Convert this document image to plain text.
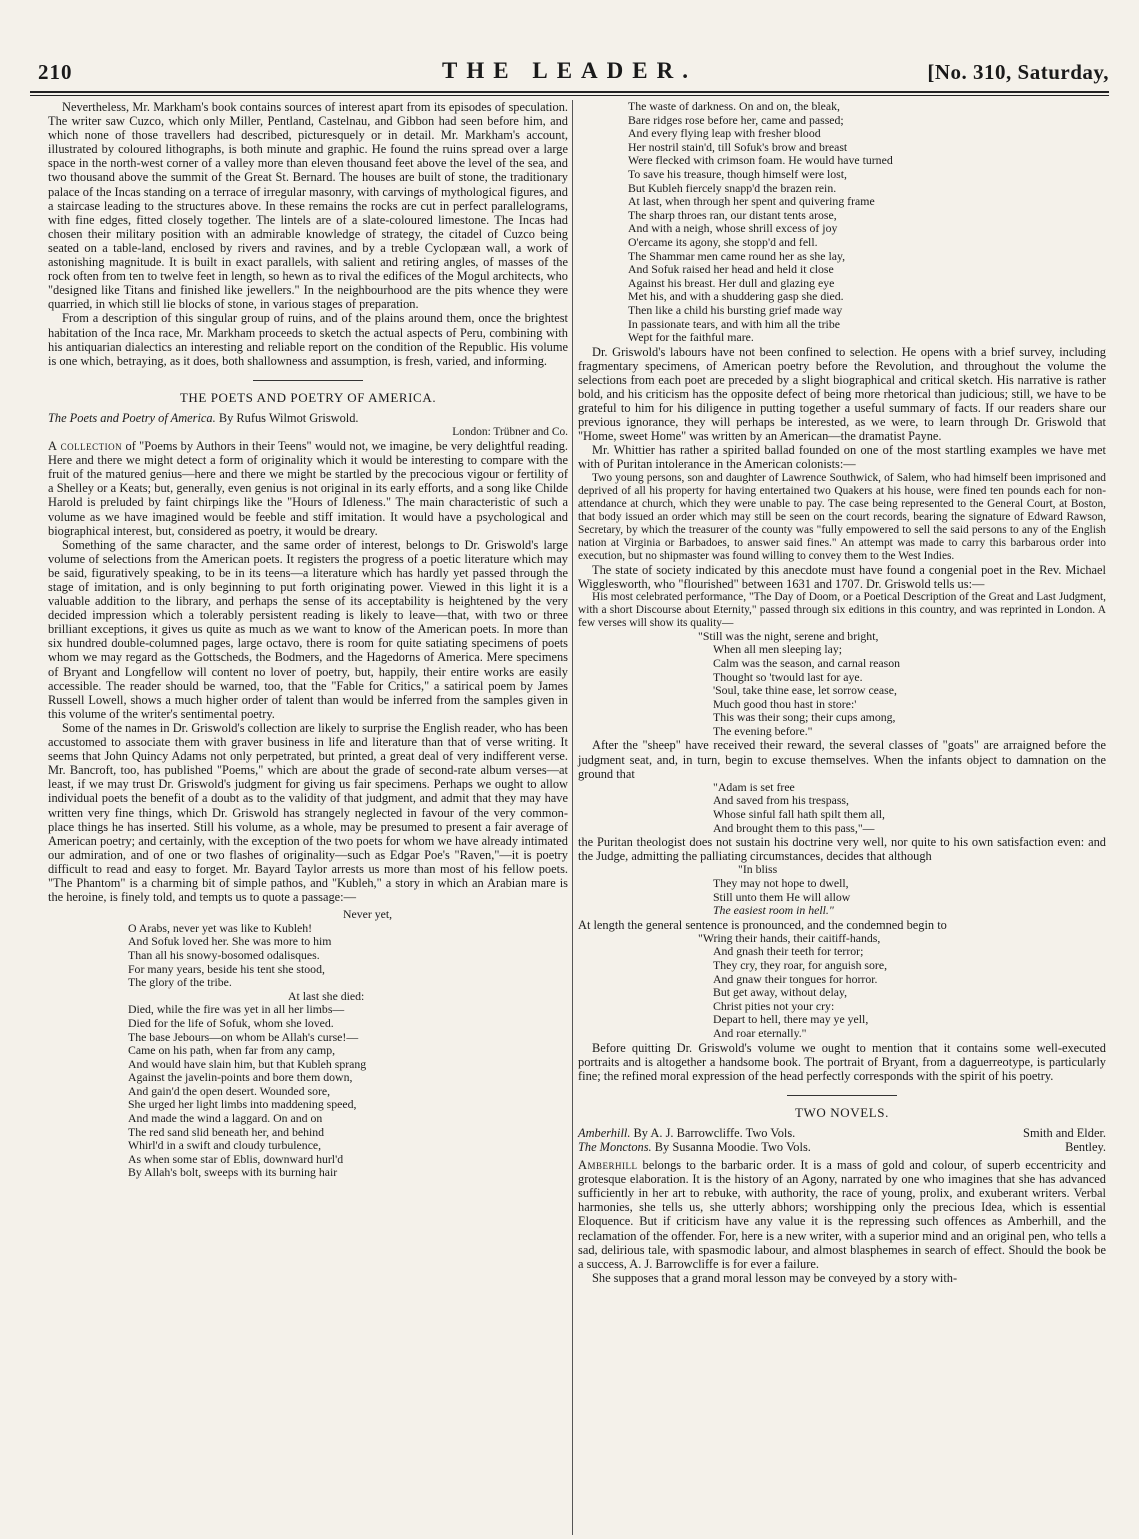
210	THE LEADER.	[No. 310, Saturday,

Nevertheless, Mr. Markham's book contains sources of interest apart from its episodes of speculation. The writer saw Cuzco, which only Miller, Pentland, Castelnau, and Gibbon had seen before him, and which none of those travellers had described, picturesquely or in detail. Mr. Markham's account, illustrated by coloured lithographs, is both minute and graphic. He found the ruins spread over a large space in the north-west corner of a valley more than eleven thousand feet above the level of the sea, and two thousand above the summit of the Great St. Bernard. The houses are built of stone, the traditionary palace of the Incas standing on a terrace of irregular masonry, with carvings of mythological figures, and a staircase leading to the structures above. In these remains the rocks are cut in perfect parallelograms, with fine edges, fitted closely together. The lintels are of a slate-coloured limestone. The Incas had chosen their military position with an admirable knowledge of strategy, the citadel of Cuzco being seated on a table-land, enclosed by rivers and ravines, and by a treble Cyclopæan wall, a work of astonishing magnitude. It is built in exact parallels, with salient and retiring angles, of masses of the rock often from ten to twelve feet in length, so hewn as to rival the edifices of the Mogul architects, who "designed like Titans and finished like jewellers." In the neighbourhood are the pits whence they were quarried, in which still lie blocks of stone, in various stages of preparation.

From a description of this singular group of ruins, and of the plains around them, once the brightest habitation of the Inca race, Mr. Markham proceeds to sketch the actual aspects of Peru, combining with his antiquarian dialectics an interesting and reliable report on the condition of the Republic. His volume is one which, betraying, as it does, both shallowness and assumption, is fresh, varied, and informing.

THE POETS AND POETRY OF AMERICA.

The Poets and Poetry of America. By Rufus Wilmot Griswold.

London: Trübner and Co.

A collection of "Poems by Authors in their Teens" would not, we imagine, be very delightful reading. Here and there we might detect a form of originality which it would be interesting to compare with the fruit of the matured genius—here and there we might be startled by the precocious vigour or fertility of a Shelley or a Keats; but, generally, even genius is not original in its early efforts, and a song like Childe Harold is preluded by faint chirpings like the "Hours of Idleness." The main characteristic of such a volume as we have imagined would be feeble and stiff imitation. It would have a psychological and biographical interest, but, considered as poetry, it would be dreary.

Something of the same character, and the same order of interest, belongs to Dr. Griswold's large volume of selections from the American poets. It registers the progress of a poetic literature which may be said, figuratively speaking, to be in its teens—a literature which has hardly yet passed through the stage of imitation, and is only beginning to put forth originating power. Viewed in this light it is a valuable addition to the library, and perhaps the sense of its acceptability is heightened by the very decided impression which a tolerably persistent reading is likely to leave—that, with two or three brilliant exceptions, it gives us quite as much as we want to know of the American poets. In more than six hundred double-columned pages, large octavo, there is room for quite satiating specimens of poets whom we may regard as the Gottscheds, the Bodmers, and the Hagedorns of America. Mere specimens of Bryant and Longfellow will content no lover of poetry, but, happily, their entire works are easily accessible. The reader should be warned, too, that the "Fable for Critics," a satirical poem by James Russell Lowell, shows a much higher order of talent than would be inferred from the samples given in this volume of the writer's sentimental poetry.

Some of the names in Dr. Griswold's collection are likely to surprise the English reader, who has been accustomed to associate them with graver business in life and literature than that of verse writing. It seems that John Quincy Adams not only perpetrated, but printed, a great deal of very indifferent verse. Mr. Bancroft, too, has published "Poems," which are about the grade of second-rate album verses—at least, if we may trust Dr. Griswold's judgment for giving us fair specimens. Perhaps we ought to allow individual poets the benefit of a doubt as to the validity of that judgment, and admit that they may have written very fine things, which Dr. Griswold has strangely neglected in favour of the very common-place things he has inserted. Still his volume, as a whole, may be presumed to present a fair average of American poetry; and certainly, with the exception of the two poets for whom we have already intimated our admiration, and of one or two flashes of originality—such as Edgar Poe's "Raven,"—it is poetry difficult to read and easy to forget. Mr. Bayard Taylor arrests us more than most of his fellow poets. "The Phantom" is a charming bit of simple pathos, and "Kubleh," a story in which an Arabian mare is the heroine, is finely told, and tempts us to quote a passage:—

Never yet,
O Arabs, never yet was like to Kubleh!
And Sofuk loved her. She was more to him
Than all his snowy-bosomed odalisques.
For many years, beside his tent she stood,
The glory of the tribe.
At last she died:
Died, while the fire was yet in all her limbs—
Died for the life of Sofuk, whom she loved.
The base Jebours—on whom be Allah's curse!—
Came on his path, when far from any camp,
And would have slain him, but that Kubleh sprang
Against the javelin-points and bore them down,
And gain'd the open desert. Wounded sore,
She urged her light limbs into maddening speed,
And made the wind a laggard. On and on
The red sand slid beneath her, and behind
Whirl'd in a swift and cloudy turbulence,
As when some star of Eblis, downward hurl'd
By Allah's bolt, sweeps with its burning hair
The waste of darkness. On and on, the bleak,
Bare ridges rose before her, came and passed;
And every flying leap with fresher blood
Her nostril stain'd, till Sofuk's brow and breast
Were flecked with crimson foam. He would have turned
To save his treasure, though himself were lost,
But Kubleh fiercely snapp'd the brazen rein.
At last, when through her spent and quivering frame
The sharp throes ran, our distant tents arose,
And with a neigh, whose shrill excess of joy
O'ercame its agony, she stopp'd and fell.
The Shammar men came round her as she lay,
And Sofuk raised her head and held it close
Against his breast. Her dull and glazing eye
Met his, and with a shuddering gasp she died.
Then like a child his bursting grief made way
In passionate tears, and with him all the tribe
Wept for the faithful mare.

Dr. Griswold's labours have not been confined to selection. He opens with a brief survey, including fragmentary specimens, of American poetry before the Revolution, and throughout the volume the selections from each poet are preceded by a slight biographical and critical sketch. His narrative is rather bold, and his criticism has the opposite defect of being more rhetorical than judicious; still, we have to be grateful to him for his diligence in putting together a useful summary of facts. If our readers share our previous ignorance, they will perhaps be interested, as we were, to learn through Dr. Griswold that "Home, sweet Home" was written by an American—the dramatist Payne.

Mr. Whittier has rather a spirited ballad founded on one of the most startling examples we have met with of Puritan intolerance in the American colonists:—

Two young persons, son and daughter of Lawrence Southwick, of Salem, who had himself been imprisoned and deprived of all his property for having entertained two Quakers at his house, were fined ten pounds each for non-attendance at church, which they were unable to pay. The case being represented to the General Court, at Boston, that body issued an order which may still be seen on the court records, bearing the signature of Edward Rawson, Secretary, by which the treasurer of the county was "fully empowered to sell the said persons to any of the English nation at Virginia or Barbadoes, to answer said fines." An attempt was made to carry this barbarous order into execution, but no shipmaster was found willing to convey them to the West Indies.

The state of society indicated by this anecdote must have found a congenial poet in the Rev. Michael Wigglesworth, who "flourished" between 1631 and 1707. Dr. Griswold tells us:—

His most celebrated performance, "The Day of Doom, or a Poetical Description of the Great and Last Judgment, with a short Discourse about Eternity," passed through six editions in this country, and was reprinted in London. A few verses will show its quality—

"Still was the night, serene and bright,
When all men sleeping lay;
Calm was the season, and carnal reason
Thought so 'twould last for aye.
'Soul, take thine ease, let sorrow cease,
Much good thou hast in store:'
This was their song; their cups among,
The evening before."

After the "sheep" have received their reward, the several classes of "goats" are arraigned before the judgment seat, and, in turn, begin to excuse themselves. When the infants object to damnation on the ground that

"Adam is set free
And saved from his trespass,
Whose sinful fall hath spilt them all,
And brought them to this pass,"—

the Puritan theologist does not sustain his doctrine very well, nor quite to his own satisfaction even: and the Judge, admitting the palliating circumstances, decides that although

"In bliss
They may not hope to dwell,
Still unto them He will allow
The easiest room in hell."

At length the general sentence is pronounced, and the condemned begin to

"Wring their hands, their caitiff-hands,
And gnash their teeth for terror;
They cry, they roar, for anguish sore,
And gnaw their tongues for horror.
But get away, without delay,
Christ pities not your cry:
Depart to hell, there may ye yell,
And roar eternally."

Before quitting Dr. Griswold's volume we ought to mention that it contains some well-executed portraits and is altogether a handsome book. The portrait of Bryant, from a daguerreotype, is particularly fine; the refined moral expression of the head perfectly corresponds with the spirit of his poetry.

TWO NOVELS.
Amberhill. By A. J. Barrowcliffe. Two Vols.	Smith and Elder.
The Monctons. By Susanna Moodie. Two Vols.	Bentley.

Amberhill belongs to the barbaric order. It is a mass of gold and colour, of superb eccentricity and grotesque elaboration. It is the history of an Agony, narrated by one who imagines that she has advanced sufficiently in her art to rebuke, with authority, the race of young, prolix, and exuberant writers. Verbal harmonies, she tells us, she utterly abhors; worshipping only the precious Idea, which is essential Eloquence. But if criticism have any value it is the repressing such offences as Amberhill, and the reclamation of the offender. For, here is a new writer, with a superior mind and an original pen, who tells a sad, delirious tale, with spasmodic labour, and almost blasphemes in search of effect. Should the book be a success, A. J. Barrowcliffe is for ever a failure.

She supposes that a grand moral lesson may be conveyed by a story with-
